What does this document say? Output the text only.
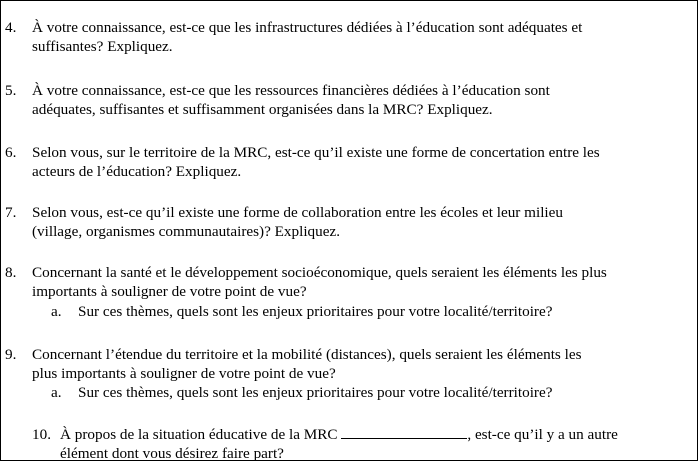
4. À votre connaissance, est-ce que les infrastructures dédiées à l’éducation sont adéquates et
suffisantes? Expliquez.
5. À votre connaissance, est-ce que les ressources financières dédiées à l’éducation sont
adéquates, suffisantes et suffisamment organisées dans la MRC? Expliquez.
6. Selon vous, sur le territoire de la MRC, est-ce qu’il existe une forme de concertation entre les
acteurs de l’éducation? Expliquez.
7. Selon vous, est-ce qu’il existe une forme de collaboration entre les écoles et leur milieu
(village, organismes communautaires)? Expliquez.
8. Concernant la santé et le développement socioéconomique, quels seraient les éléments les plus
importants à souligner de votre point de vue?
a. Sur ces thèmes, quels sont les enjeux prioritaires pour votre localité/territoire?
9. Concernant l’étendue du territoire et la mobilité (distances), quels seraient les éléments les
plus importants à souligner de votre point de vue?
a. Sur ces thèmes, quels sont les enjeux prioritaires pour votre localité/territoire?
10. À propos de la situation éducative de la MRC	, est-ce qu’il y a un autre
élément dont vous désirez faire part?
